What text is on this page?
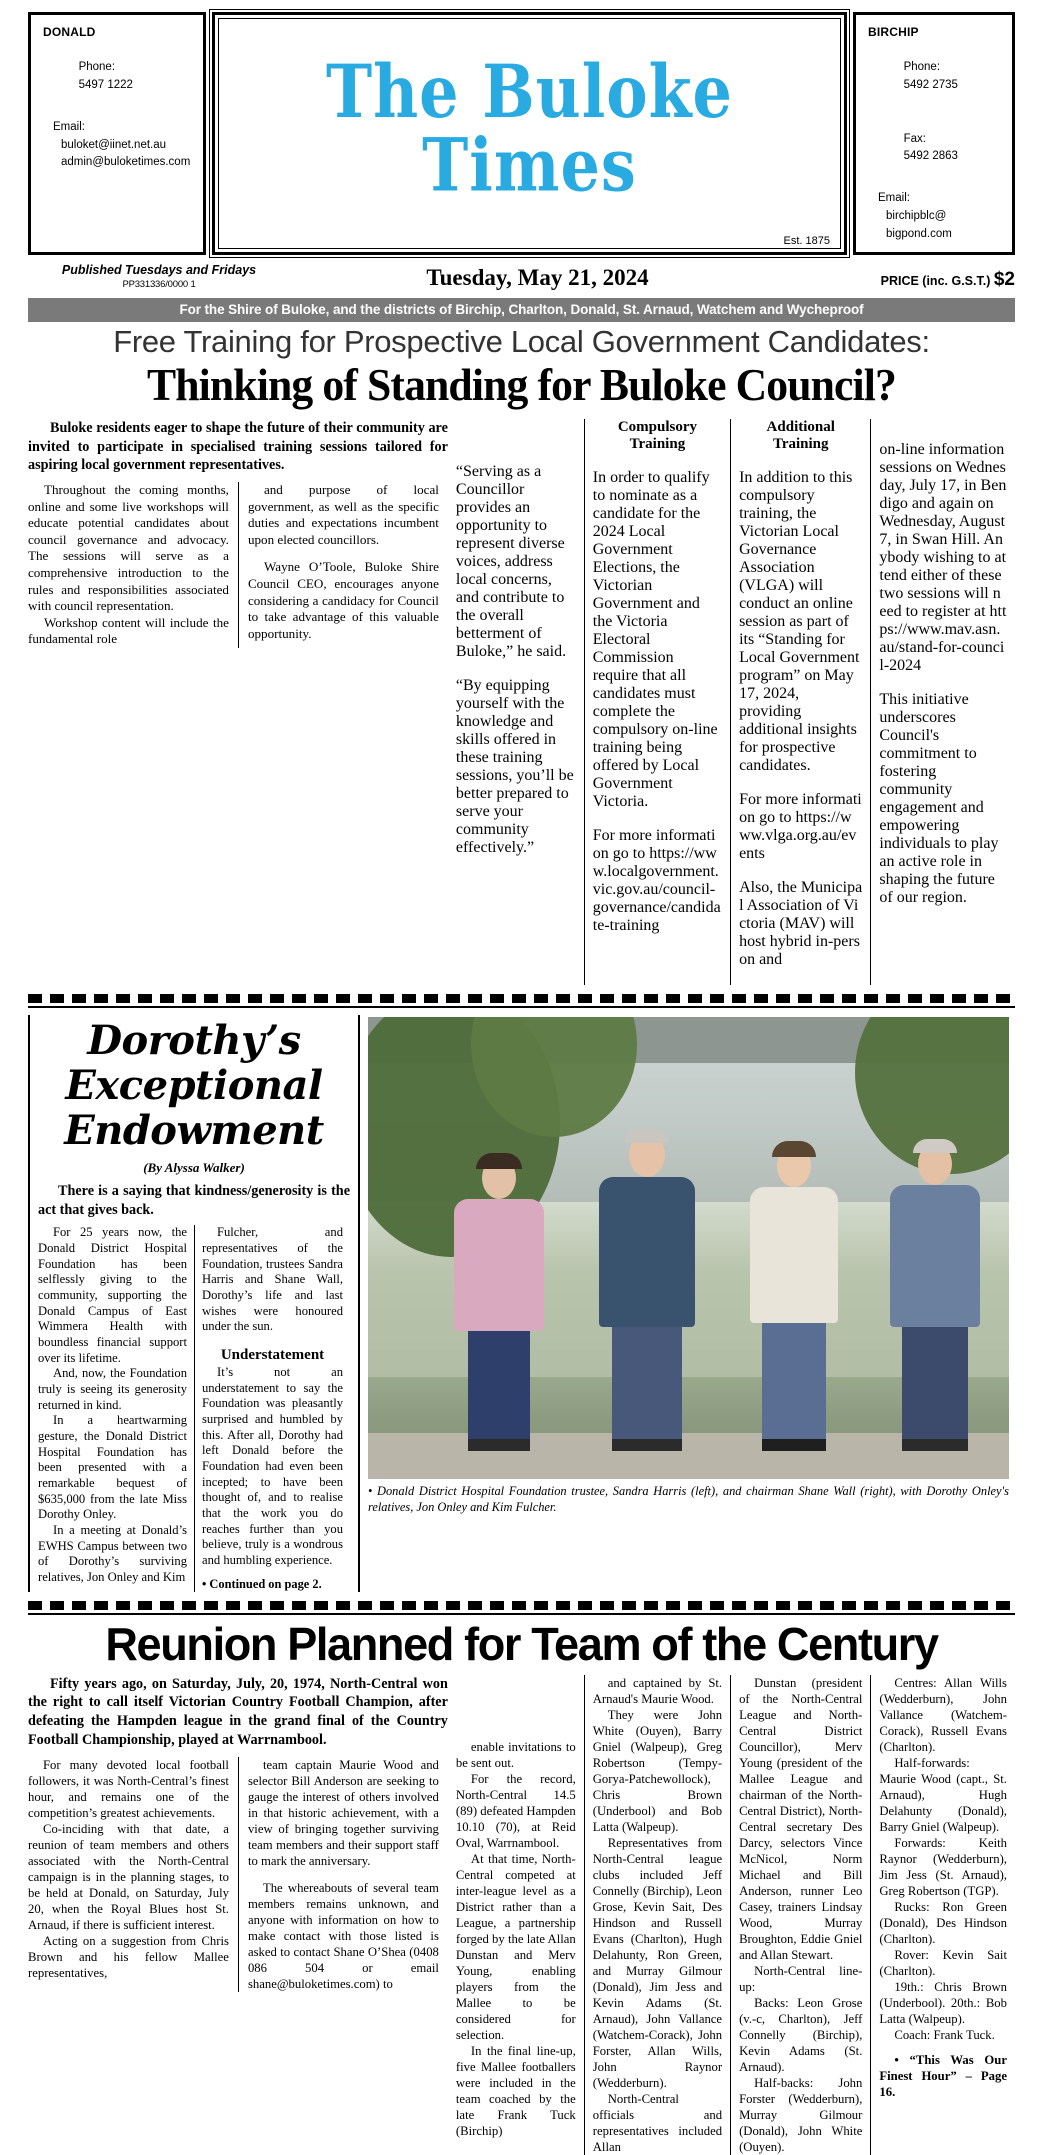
DONALD

Phone:
5497 1222

Email:
buloket@iinet.net.au
admin@buloketimes.com
The Buloke Times
Est. 1875
BIRCHIP

Phone:
5492 2735

Fax:
5492 2863

Email:
birchipblc@
bigpond.com
Published Tuesdays and Fridays
PP331336/0000 1	Tuesday, May 21, 2024	PRICE (inc. G.S.T.) $2
For the Shire of Buloke, and the districts of Birchip, Charlton, Donald, St. Arnaud, Watchem and Wycheproof
Free Training for Prospective Local Government Candidates:
Thinking of Standing for Buloke Council?
Buloke residents eager to shape the future of their community are invited to participate in specialised training sessions tailored for aspiring local government representatives.

Throughout the coming months, online and some live workshops will educate potential candidates about council governance and advocacy. The sessions will serve as a comprehensive introduction to the rules and responsibilities associated with council representation.

Workshop content will include the fundamental role

and purpose of local government, as well as the specific duties and expectations incumbent upon elected councillors.

Wayne O’Toole, Buloke Shire Council CEO, encourages anyone considering a candidacy for Council to take advantage of this valuable opportunity.

“Serving as a Councillor provides an opportunity to represent diverse voices, address local concerns, and contribute to the overall betterment of Buloke,” he said.

“By equipping yourself with the knowledge and skills offered in these training sessions, you’ll be better prepared to serve your community effectively.”

Compulsory Training

In order to qualify to nominate as a candidate for the 2024 Local Government Elections, the Victorian Government and the Victoria Electoral Commission require that all candidates must complete the compulsory on-line training being offered by Local Government Victoria.

For more information go to https://www.localgovernment.vic.gov.au/council-governance/candidate-training

Additional Training

In addition to this compulsory training, the Victorian Local Governance Association (VLGA) will conduct an online session as part of its “Standing for Local Government program” on May 17, 2024, providing additional insights for prospective candidates.

For more information go to https://www.vlga.org.au/events

Also, the Municipal Association of Victoria (MAV) will host hybrid in-person and

on-line information sessions on Wednesday, July 17, in Bendigo and again on Wednesday, August 7, in Swan Hill. Anybody wishing to attend either of these two sessions will need to register at https://www.mav.asn.au/stand-for-council-2024

This initiative underscores Council's commitment to fostering community engagement and empowering individuals to play an active role in shaping the future of our region.

Dorothy’s
Exceptional
Endowment
(By Alyssa Walker)
There is a saying that kindness/generosity is the act that gives back.

For 25 years now, the Donald District Hospital Foundation has been selflessly giving to the community, supporting the Donald Campus of East Wimmera Health with boundless financial support over its lifetime.

And, now, the Foundation truly is seeing its generosity returned in kind.

In a heartwarming gesture, the Donald District Hospital Foundation has been presented with a remarkable bequest of $635,000 from the late Miss Dorothy Onley.

In a meeting at Donald’s EWHS Campus between two of Dorothy’s surviving relatives, Jon Onley and Kim

Fulcher, and representatives of the Foundation, trustees Sandra Harris and Shane Wall, Dorothy’s life and last wishes were honoured under the sun.

Understatement

It’s not an understatement to say the Foundation was pleasantly surprised and humbled by this. After all, Dorothy had left Donald before the Foundation had even been incepted; to have been thought of, and to realise that the work you do reaches further than you believe, truly is a wondrous and humbling experience.

• Continued on page 2.
• Donald District Hospital Foundation trustee, Sandra Harris (left), and chairman Shane Wall (right), with Dorothy Onley's relatives, Jon Onley and Kim Fulcher.
Reunion Planned for Team of the Century
Fifty years ago, on Saturday, July, 20, 1974, North-Central won the right to call itself Victorian Country Football Champion, after defeating the Hampden league in the grand final of the Country Football Championship, played at Warrnambool.

For many devoted local football followers, it was North-Central’s finest hour, and remains one of the competition’s greatest achievements.

Co-inciding with that date, a reunion of team members and others associated with the North-Central campaign is in the planning stages, to be held at Donald, on Saturday, July 20, when the Royal Blues host St. Arnaud, if there is sufficient interest.

Acting on a suggestion from Chris Brown and his fellow Mallee representatives,

team captain Maurie Wood and selector Bill Anderson are seeking to gauge the interest of others involved in that historic achievement, with a view of bringing together surviving team members and their support staff to mark the anniversary.

The whereabouts of several team members remains unknown, and anyone with information on how to make contact with those listed is asked to contact Shane O’Shea (0408 086 504 or email shane@buloketimes.com) to

enable invitations to be sent out.

For the record, North-Central 14.5 (89) defeated Hampden 10.10 (70), at Reid Oval, Warrnambool.

At that time, North-Central competed at inter-league level as a District rather than a League, a partnership forged by the late Allan Dunstan and Merv Young, enabling players from the Mallee to be considered for selection.

In the final line-up, five Mallee footballers were included in the team coached by the late Frank Tuck (Birchip)

and captained by St. Arnaud's Maurie Wood.

They were John White (Ouyen), Barry Gniel (Walpeup), Greg Robertson (Tempy-Gorya-Patchewollock), Chris Brown (Underbool) and Bob Latta (Walpeup).

Representatives from North-Central league clubs included Jeff Connelly (Birchip), Leon Grose, Kevin Sait, Des Hindson and Russell Evans (Charlton), Hugh Delahunty, Ron Green, and Murray Gilmour (Donald), Jim Jess and Kevin Adams (St. Arnaud), John Vallance (Watchem-Corack), John Forster, Allan Wills, John Raynor (Wedderburn).

North-Central officials and representatives included Allan

Dunstan (president of the North-Central League and North-Central District Councillor), Merv Young (president of the Mallee League and chairman of the North-Central District), North-Central secretary Des Darcy, selectors Vince McNicol, Norm Michael and Bill Anderson, runner Leo Casey, trainers Lindsay Wood, Murray Broughton, Eddie Gniel and Allan Stewart.

North-Central line-up:

Backs: Leon Grose (v.-c, Charlton), Jeff Connelly (Birchip), Kevin Adams (St. Arnaud).

Half-backs: John Forster (Wedderburn), Murray Gilmour (Donald), John White (Ouyen).

Centres: Allan Wills (Wedderburn), John Vallance (Watchem-Corack), Russell Evans (Charlton).

Half-forwards: Maurie Wood (capt., St. Arnaud), Hugh Delahunty (Donald), Barry Gniel (Walpeup).

Forwards: Keith Raynor (Wedderburn), Jim Jess (St. Arnaud), Greg Robertson (TGP).

Rucks: Ron Green (Donald), Des Hindson (Charlton).

Rover: Kevin Sait (Charlton).

19th.: Chris Brown (Underbool). 20th.: Bob Latta (Walpeup).

Coach: Frank Tuck.

• “This Was Our Finest Hour” – Page 16.
